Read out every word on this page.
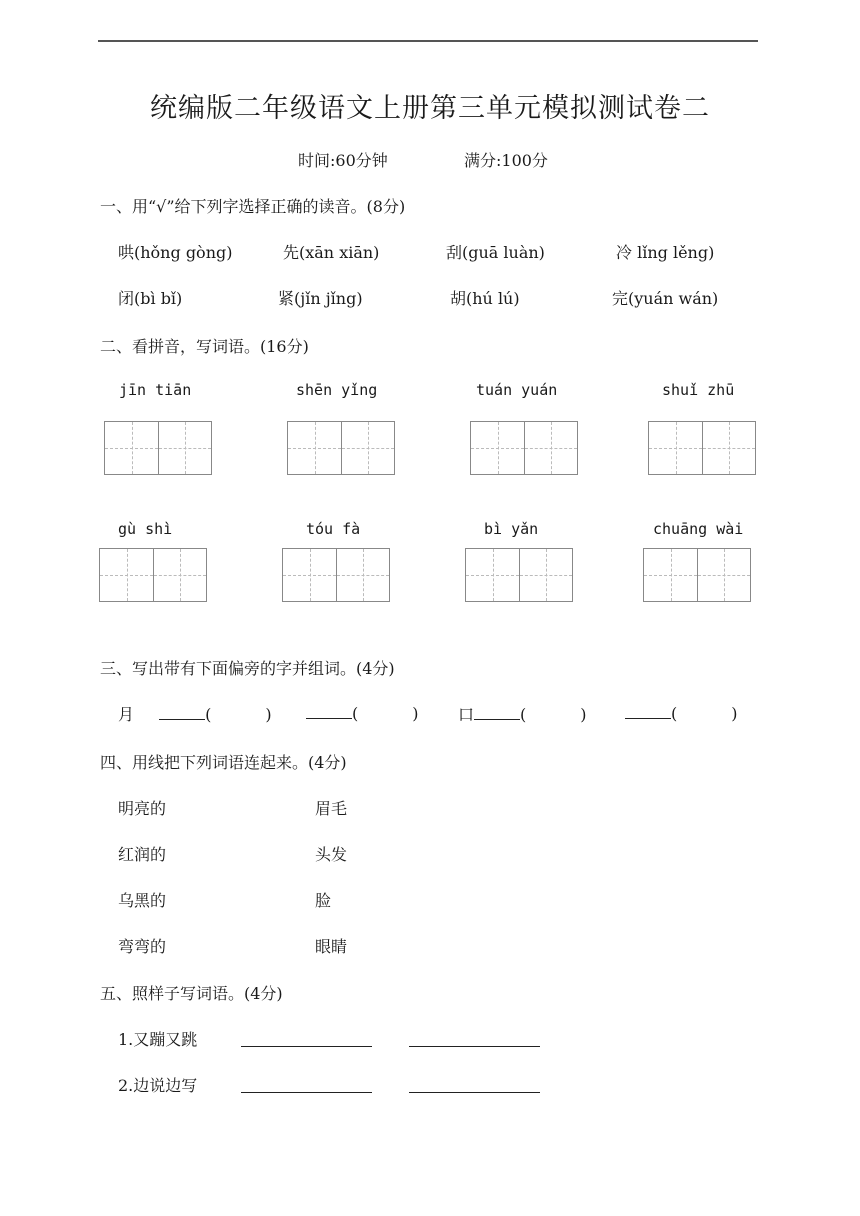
统编版二年级语文上册第三单元模拟测试卷二
时间:60分钟	满分:100分
一、用“√”给下列字选择正确的读音。(8分)
哄(hǒng gòng)	先(xān xiān)	刮(guā luàn)	冷 lǐng lěng)
闭(bì bǐ)	紧(jǐn jǐng)	胡(hú lú)	完(yuán wán)
二、看拼音，写词语。(16分)
jīn tiān	shēn yǐng	tuán yuán	shuǐ zhū
gù shì	tóu fà	bì yǎn	chuāng wài
三、写出带有下面偏旁的字并组词。(4分)
月	(	)	(	) 口	(	)	(	)
四、用线把下列词语连起来。(4分)
明亮的	眉毛
红润的	头发
乌黑的	脸
弯弯的	眼睛
五、照样子写词语。(4分)
1.又蹦又跳
2.边说边写
